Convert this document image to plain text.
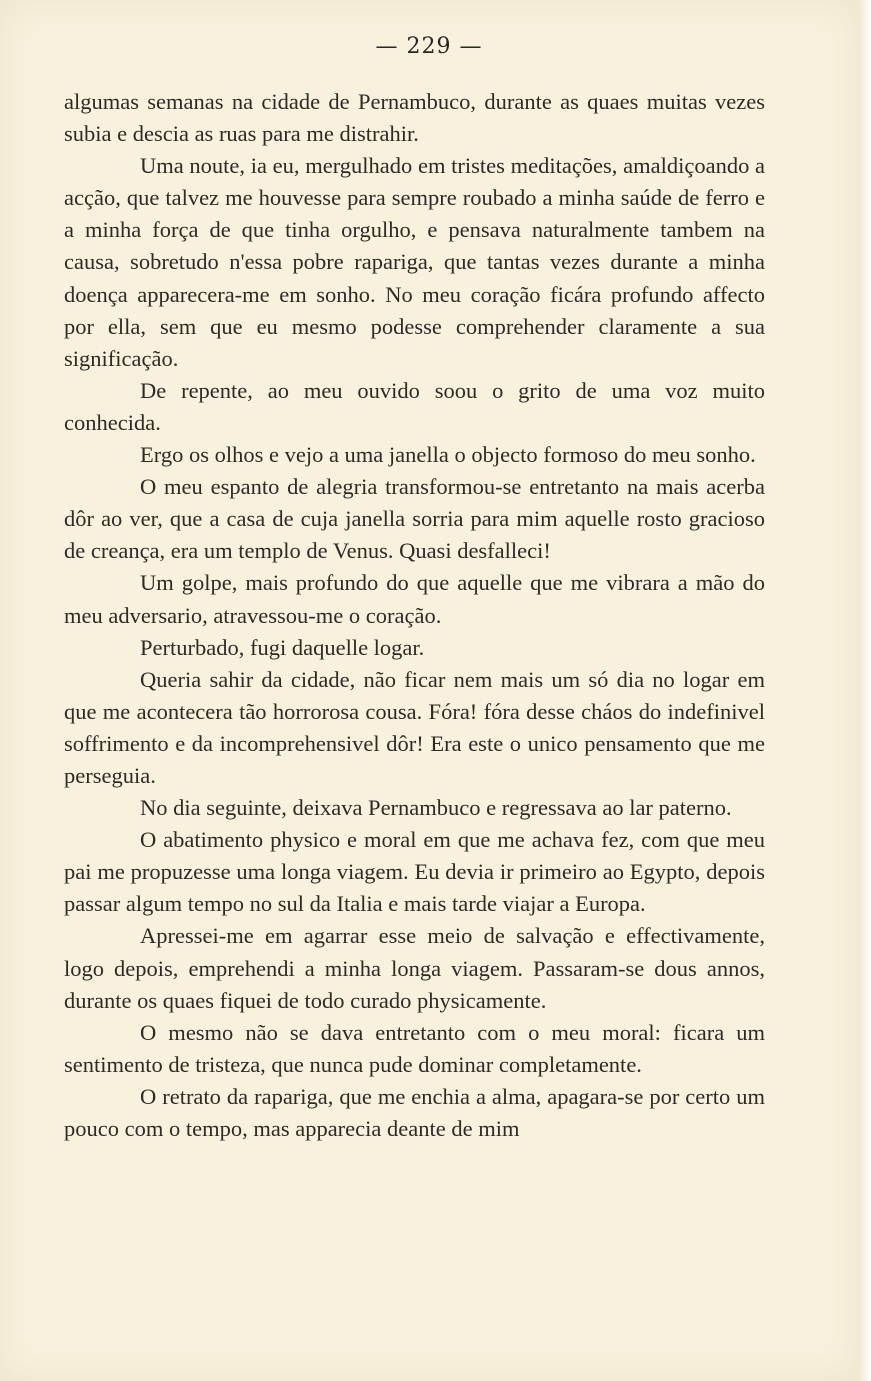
— 229 —

algumas semanas na cidade de Pernambuco, durante as quaes muitas vezes subia e descia as ruas para me distrahir.

Uma noute, ia eu, mergulhado em tristes meditações, amaldiçoando a acção, que talvez me houvesse para sempre roubado a minha saúde de ferro e a minha força de que tinha orgulho, e pensava naturalmente tambem na causa, sobretudo n'essa pobre rapariga, que tantas vezes durante a minha doença apparecera-me em sonho. No meu coração ficára profundo affecto por ella, sem que eu mesmo podesse comprehender claramente a sua significação.

De repente, ao meu ouvido soou o grito de uma voz muito conhecida.

Ergo os olhos e vejo a uma janella o objecto formoso do meu sonho.

O meu espanto de alegria transformou-se entretanto na mais acerba dôr ao ver, que a casa de cuja janella sorria para mim aquelle rosto gracioso de creança, era um templo de Venus. Quasi desfalleci!

Um golpe, mais profundo do que aquelle que me vibrara a mão do meu adversario, atravessou-me o coração.

Perturbado, fugi daquelle logar.

Queria sahir da cidade, não ficar nem mais um só dia no logar em que me acontecera tão horrorosa cousa. Fóra! fóra desse cháos do indefinivel soffrimento e da incomprehensivel dôr! Era este o unico pensamento que me perseguia.

No dia seguinte, deixava Pernambuco e regressava ao lar paterno.

O abatimento physico e moral em que me achava fez, com que meu pai me propuzesse uma longa viagem. Eu devia ir primeiro ao Egypto, depois passar algum tempo no sul da Italia e mais tarde viajar a Europa.

Apressei-me em agarrar esse meio de salvação e effectivamente, logo depois, emprehendi a minha longa viagem. Passaram-se dous annos, durante os quaes fiquei de todo curado physicamente.

O mesmo não se dava entretanto com o meu moral: ficara um sentimento de tristeza, que nunca pude dominar completamente.

O retrato da rapariga, que me enchia a alma, apagara-se por certo um pouco com o tempo, mas apparecia deante de mim
